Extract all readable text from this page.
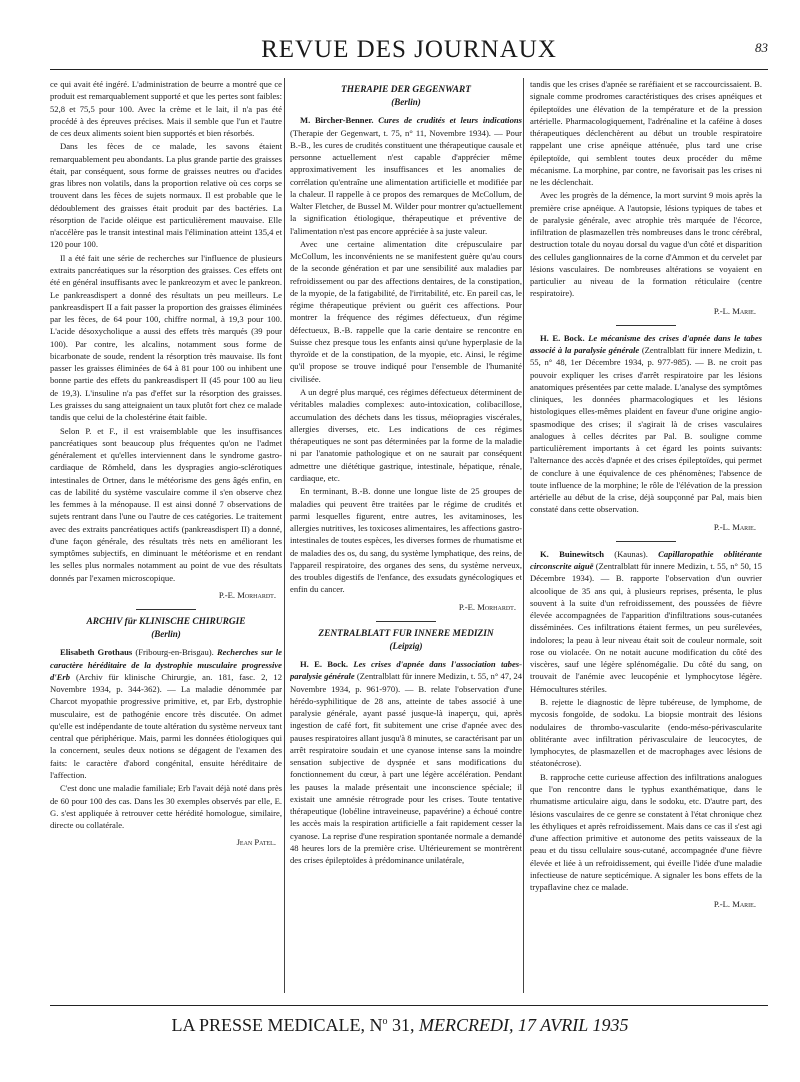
REVUE DES JOURNAUX	83

ce qui avait été ingéré. L'administration de beurre a montré que ce produit est remarquablement supporté et que les pertes sont faibles: 52,8 et 75,5 pour 100. Avec la crème et le lait, il n'a pas été procédé à des épreuves précises. Mais il semble que l'un et l'autre de ces deux aliments soient bien supportés et bien résorbés.

Dans les fèces de ce malade, les savons étaient remarquablement peu abondants. La plus grande partie des graisses était, par conséquent, sous forme de graisses neutres ou d'acides gras libres non volatils, dans la proportion relative où ces corps se trouvent dans les fèces de sujets normaux. Il est probable que le dédoublement des graisses était produit par des bactéries. La résorption de l'acide oléique est particulièrement mauvaise. Elle n'accélère pas le transit intestinal mais l'élimination atteint 135,4 et 120 pour 100.

Il a été fait une série de recherches sur l'influence de plusieurs extraits pancréatiques sur la résorption des graisses. Ces effets ont été en général insuffisants avec le pankreozym et avec le pankreon. Le pankreasdispert a donné des résultats un peu meilleurs. Le pankreasdispert II a fait passer la proportion des graisses éliminées par les fèces, de 64 pour 100, chiffre normal, à 19,3 pour 100. L'acide désoxycholique a aussi des effets très marqués (39 pour 100). Par contre, les alcalins, notamment sous forme de bicarbonate de soude, rendent la résorption très mauvaise. Ils font passer les graisses éliminées de 64 à 81 pour 100 ou inhibent une bonne partie des effets du pankreasdispert II (45 pour 100 au lieu de 19,3). L'insuline n'a pas d'effet sur la résorption des graisses. Les graisses du sang atteignaient un taux plutôt fort chez ce malade tandis que celui de la cholestérine était faible.

Selon P. et F., il est vraisemblable que les insuffisances pancréatiques sont beaucoup plus fréquentes qu'on ne l'admet généralement et qu'elles interviennent dans le syndrome gastro-cardiaque de Römheld, dans les dyspragies angio-sclérotiques intestinales de Ortner, dans le météorisme des gens âgés enfin, en cas de labilité du système vasculaire comme il s'en observe chez les femmes à la ménopause. Il est ainsi donné 7 observations de sujets rentrant dans l'une ou l'autre de ces catégories. Le traitement avec des extraits pancréatiques actifs (pankreasdispert II) a donné, d'une façon générale, des résultats très nets en améliorant les symptômes subjectifs, en diminuant le météorisme et en rendant les selles plus normales notamment au point de vue des résultats donnés par l'examen microscopique.

P.-E. Morhardt.

ARCHIV für KLINISCHE CHIRURGIE
(Berlin)

Elisabeth Grothaus (Fribourg-en-Brisgau). Recherches sur le caractère héréditaire de la dystrophie musculaire progressive d'Erb (Archiv für klinische Chirurgie, an. 181, fasc. 2, 12 Novembre 1934, p. 344-362). — La maladie dénommée par Charcot myopathie progressive primitive, et, par Erb, dystrophie musculaire, est de pathogénie encore très discutée. On admet qu'elle est indépendante de toute altération du système nerveux tant central que périphérique. Mais, parmi les données étiologiques qui la concernent, seules deux notions se dégagent de l'examen des faits: le caractère d'abord congénital, ensuite héréditaire de l'affection.

C'est donc une maladie familiale; Erb l'avait déjà noté dans près de 60 pour 100 des cas. Dans les 30 exemples observés par elle, E. G. s'est appliquée à retrouver cette hérédité homologue, similaire, directe ou collatérale.

Jean Patel.

THERAPIE DER GEGENWART
(Berlin)

M. Bircher-Benner. Cures de crudités et leurs indications (Therapie der Gegenwart, t. 75, n° 11, Novembre 1934). — Pour B.-B., les cures de crudités constituent une thérapeutique causale et personne actuellement n'est capable d'apprécier même approximativement les insuffisances et les anomalies de corrélation qu'entraîne une alimentation artificielle et modifiée par la chaleur. Il rappelle à ce propos des remarques de McCollum, de Walter Fletcher, de Bussel M. Wilder pour montrer qu'actuellement la signification étiologique, thérapeutique et préventive de l'alimentation n'est pas encore appréciée à sa juste valeur.

Avec une certaine alimentation dite crépusculaire par McCollum, les inconvénients ne se manifestent guère qu'au cours de la seconde génération et par une sensibilité aux maladies par refroidissement ou par des affections dentaires, de la constipation, de la myopie, de la fatigabilité, de l'irritabilité, etc. En pareil cas, le régime thérapeutique prévient ou guérit ces affections. Pour montrer la fréquence des régimes défectueux, d'un régime défectueux, B.-B. rappelle que la carie dentaire se rencontre en Suisse chez presque tous les enfants ainsi qu'une hyperplasie de la thyroïde et de la constipation, de la myopie, etc. Ainsi, le régime qu'il propose se trouve indiqué pour l'ensemble de l'humanité civilisée.

A un degré plus marqué, ces régimes défectueux déterminent de véritables maladies complexes: auto-intoxication, colibacillose, accumulation des déchets dans les tissus, méiopragies viscérales, allergies diverses, etc. Les indications de ces régimes thérapeutiques ne sont pas déterminées par la forme de la maladie ni par l'anatomie pathologique et on ne saurait par conséquent admettre une diététique gastrique, intestinale, hépatique, rénale, cardiaque, etc.

En terminant, B.-B. donne une longue liste de 25 groupes de maladies qui peuvent être traitées par le régime de crudités et parmi lesquelles figurent, entre autres, les avitaminoses, les allergies nutritives, les toxicoses alimentaires, les affections gastro-intestinales de toutes espèces, les diverses formes de rhumatisme et de maladies des os, du sang, du système lymphatique, des reins, de l'appareil respiratoire, des organes des sens, du système nerveux, des troubles digestifs de l'enfance, des exsudats gynécologiques et enfin du cancer.

P.-E. Morhardt.

ZENTRALBLATT FUR INNERE MEDIZIN
(Leipzig)

H. E. Bock. Les crises d'apnée dans l'association tabes-paralysie générale (Zentralblatt für innere Medizin, t. 55, n° 47, 24 Novembre 1934, p. 961-970). — B. relate l'observation d'une hérédo-syphilitique de 28 ans, atteinte de tabes associé à une paralysie générale, ayant passé jusque-là inaperçu, qui, après ingestion de café fort, fit subitement une crise d'apnée avec des pauses respiratoires allant jusqu'à 8 minutes, se caractérisant par un arrêt respiratoire soudain et une cyanose intense sans la moindre sensation subjective de dyspnée et sans modifications du fonctionnement du cœur, à part une légère accélération. Pendant les pauses la malade présentait une inconscience spéciale; il existait une amnésie rétrograde pour les crises. Toute tentative thérapeutique (lobéline intraveineuse, papavérine) a échoué contre les accès mais la respiration artificielle a fait rapidement cesser la cyanose. La reprise d'une respiration spontanée normale a demandé 48 heures lors de la première crise. Ultérieurement se montrèrent des crises épileptoïdes à prédominance unilatérale,

tandis que les crises d'apnée se raréfiaient et se raccourcissaient. B. signale comme prodromes caractéristiques des crises apnéiques et épileptoïdes une élévation de la température et de la pression artérielle. Pharmacologiquement, l'adrénaline et la caféine à doses thérapeutiques déclenchèrent au début un trouble respiratoire rappelant une crise apnéique atténuée, plus tard une crise épileptoïde, qui semblent toutes deux procéder du même mécanisme. La morphine, par contre, ne favorisait pas les crises ni ne les déclenchait.

Avec les progrès de la démence, la mort survint 9 mois après la première crise apnéique. A l'autopsie, lésions typiques de tabes et de paralysie générale, avec atrophie très marquée de l'écorce, infiltration de plasmazellen très nombreuses dans le tronc cérébral, destruction totale du noyau dorsal du vague d'un côté et disparition des cellules ganglionnaires de la corne d'Ammon et du cervelet par lésions vasculaires. De nombreuses altérations se voyaient en particulier au niveau de la formation réticulaire (centre respiratoire).

P.-L. Marie.

H. E. Bock. Le mécanisme des crises d'apnée dans le tabes associé à la paralysie générale (Zentralblatt für innere Medizin, t. 55, n° 48, 1er Décembre 1934, p. 977-985). — B. ne croit pas pouvoir expliquer les crises d'arrêt respiratoire par les lésions anatomiques présentées par cette malade. L'analyse des symptômes cliniques, les données pharmacologiques et les lésions histologiques elles-mêmes plaident en faveur d'une origine angio-spasmodique des crises; il s'agirait là de crises vasculaires analogues à celles décrites par Pal. B. souligne comme particulièrement importants à cet égard les points suivants: l'alternance des accès d'apnée et des crises épileptoïdes, qui permet de conclure à une équivalence de ces phénomènes; l'absence de toute influence de la morphine; le rôle de l'élévation de la pression artérielle au début de la crise, déjà soupçonné par Pal, mais bien constaté dans cette observation.

P.-L. Marie.

K. Buinewitsch (Kaunas). Capillaropathie oblitérante circonscrite aiguë (Zentralblatt für innere Medizin, t. 55, n° 50, 15 Décembre 1934). — B. rapporte l'observation d'un ouvrier alcoolique de 35 ans qui, à plusieurs reprises, présenta, le plus souvent à la suite d'un refroidissement, des poussées de fièvre élevée accompagnées de l'apparition d'infiltrations sous-cutanées disséminées. Ces infiltrations étaient fermes, un peu surélevées, indolores; la peau à leur niveau était soit de couleur normale, soit rose ou violacée. On ne notait aucune modification du côté des viscères, sauf une légère splénomégalie. Du côté du sang, on trouvait de l'anémie avec leucopénie et lymphocytose légère. Hémocultures stériles.

B. rejette le diagnostic de lèpre tubéreuse, de lymphome, de mycosis fongoïde, de sodoku. La biopsie montrait des lésions nodulaires de thrombo-vascularite (endo-méso-périvascularite oblitérante avec infiltration périvasculaire de leucocytes, de lymphocytes, de plasmazellen et de macrophages avec lésions de stéatonécrose).

B. rapproche cette curieuse affection des infiltrations analogues que l'on rencontre dans le typhus exanthématique, dans le rhumatisme articulaire aigu, dans le sodoku, etc. D'autre part, des lésions vasculaires de ce genre se constatent à l'état chronique chez les éthyliques et après refroidissement. Mais dans ce cas il s'est agi d'une affection primitive et autonome des petits vaisseaux de la peau et du tissu cellulaire sous-cutané, accompagnée d'une fièvre élevée et liée à un refroidissement, qui éveille l'idée d'une maladie infectieuse de nature septicémique. A signaler les bons effets de la trypaflavine chez ce malade.

P.-L. Marie.

LA PRESSE MEDICALE, $N^o$ 31, MERCREDI, 17 AVRIL 1935
